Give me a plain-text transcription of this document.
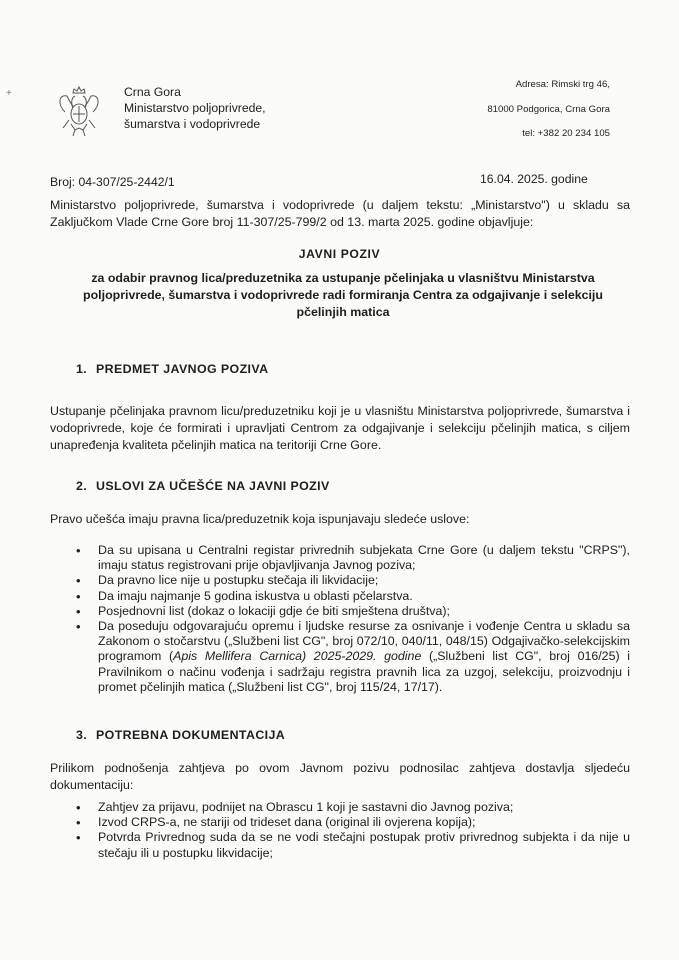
+	Crna Gora
Ministarstvo poljoprivrede,
šumarstva i vodoprivrede
Adresa: Rimski trg 46,
81000 Podgorica, Crna Gora
tel: +382 20 234 105
Broj: 04-307/25-2442/1	16.04. 2025. godine
Ministarstvo poljoprivrede, šumarstva i vodoprivrede (u daljem tekstu: „Ministarstvo") u skladu sa Zaključkom Vlade Crne Gore broj 11-307/25-799/2 od 13. marta 2025. godine objavljuje:
JAVNI POZIV
za odabir pravnog lica/preduzetnika za ustupanje pčelinjaka u vlasništvu Ministarstva poljoprivrede, šumarstva i vodoprivrede radi formiranja Centra za odgajivanje i selekciju pčelinjih matica
1. PREDMET JAVNOG POZIVA
Ustupanje pčelinjaka pravnom licu/preduzetniku koji je u vlasništu Ministarstva poljoprivrede, šumarstva i vodoprivrede, koje će formirati i upravljati Centrom za odgajivanje i selekciju pčelinjih matica, s ciljem unapređenja kvaliteta pčelinjih matica na teritoriji Crne Gore.
2. USLOVI ZA UČEŠĆE NA JAVNI POZIV
Pravo učešća imaju pravna lica/preduzetnik koja ispunjavaju sledeće uslove:
• Da su upisana u Centralni registar privrednih subjekata Crne Gore (u daljem tekstu "CRPS"), imaju status registrovani prije objavljivanja Javnog poziva;
• Da pravno lice nije u postupku stečaja ili likvidacije;
• Da imaju najmanje 5 godina iskustva u oblasti pčelarstva.
• Posjednovni list (dokaz o lokaciji gdje će biti smještena društva);
• Da poseduju odgovarajuću opremu i ljudske resurse za osnivanje i vođenje Centra u skladu sa Zakonom o stočarstvu („Službeni list CG", broj 072/10, 040/11, 048/15) Odgajivačko-selekcijskim programom (Apis Mellifera Carnica) 2025-2029. godine („Službeni list CG", broj 016/25) i Pravilnikom o načinu vođenja i sadržaju registra pravnih lica za uzgoj, selekciju, proizvodnju i promet pčelinjih matica („Službeni list CG", broj 115/24, 17/17).
3. POTREBNA DOKUMENTACIJA
Prilikom podnošenja zahtjeva po ovom Javnom pozivu podnosilac zahtjeva dostavlja sljedeću dokumentaciju:
• Zahtjev za prijavu, podnijet na Obrascu 1 koji je sastavni dio Javnog poziva;
• Izvod CRPS-a, ne stariji od trideset dana (original ili ovjerena kopija);
• Potvrda Privrednog suda da se ne vodi stečajni postupak protiv privrednog subjekta i da nije u stečaju ili u postupku likvidacije;
